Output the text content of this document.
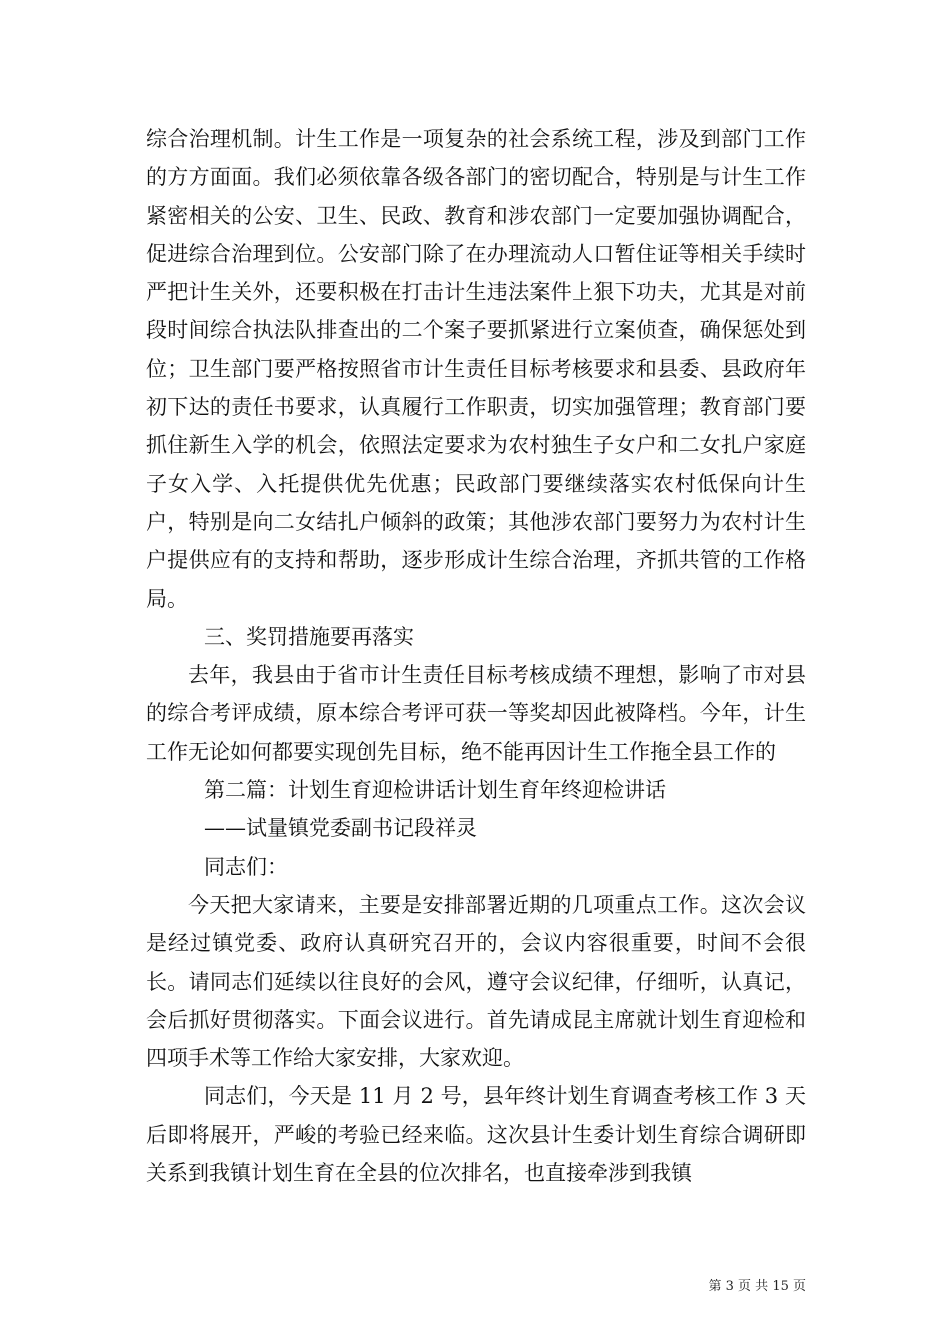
综合治理机制。计生工作是一项复杂的社会系统工程，涉及到部门工作的方方面面。我们必须依靠各级各部门的密切配合，特别是与计生工作紧密相关的公安、卫生、民政、教育和涉农部门一定要加强协调配合，促进综合治理到位。公安部门除了在办理流动人口暂住证等相关手续时严把计生关外，还要积极在打击计生违法案件上狠下功夫，尤其是对前段时间综合执法队排查出的二个案子要抓紧进行立案侦查，确保惩处到位；卫生部门要严格按照省市计生责任目标考核要求和县委、县政府年初下达的责任书要求，认真履行工作职责，切实加强管理；教育部门要抓住新生入学的机会，依照法定要求为农村独生子女户和二女扎户家庭子女入学、入托提供优先优惠；民政部门要继续落实农村低保向计生户，特别是向二女结扎户倾斜的政策；其他涉农部门要努力为农村计生户提供应有的支持和帮助，逐步形成计生综合治理，齐抓共管的工作格局。

三、奖罚措施要再落实

去年，我县由于省市计生责任目标考核成绩不理想，影响了市对县的综合考评成绩，原本综合考评可获一等奖却因此被降档。今年，计生工作无论如何都要实现创先目标，绝不能再因计生工作拖全县工作的

第二篇：计划生育迎检讲话计划生育年终迎检讲话

——试量镇党委副书记段祥灵

同志们：

今天把大家请来，主要是安排部署近期的几项重点工作。这次会议是经过镇党委、政府认真研究召开的，会议内容很重要，时间不会很长。请同志们延续以往良好的会风，遵守会议纪律，仔细听，认真记，会后抓好贯彻落实。下面会议进行。首先请成昆主席就计划生育迎检和四项手术等工作给大家安排，大家欢迎。

同志们，今天是 11 月 2 号，县年终计划生育调查考核工作 3 天后即将展开，严峻的考验已经来临。这次县计生委计划生育综合调研即关系到我镇计划生育在全县的位次排名，也直接牵涉到我镇

第 3 页 共 15 页
